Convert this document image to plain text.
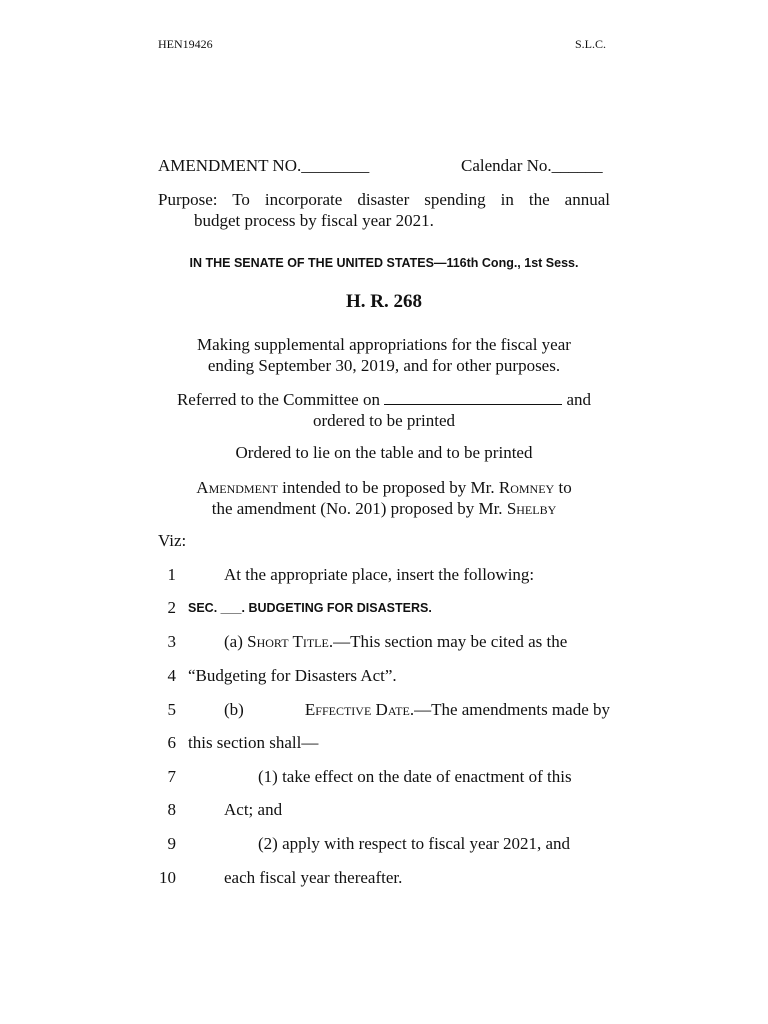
HEN19426	S.L.C.
AMENDMENT NO.________	Calendar No.______

Purpose: To incorporate disaster spending in the annual

budget process by fiscal year 2021.

IN THE SENATE OF THE UNITED STATES—116th Cong., 1st Sess.
H. R. 268
Making supplemental appropriations for the fiscal year
ending September 30, 2019, and for other purposes.
Referred to the Committee on	and
ordered to be printed
Ordered to lie on the table and to be printed
Amendment intended to be proposed by Mr. Romney to
the amendment (No. 201) proposed by Mr. Shelby
Viz:
1
2
3
4
5
6
7
8
9
10
At the appropriate place, insert the following:
SEC. ___. BUDGETING FOR DISASTERS.
(a) Short Title.—This section may be cited as the
“Budgeting for Disasters Act”.
(b)	Effective Date.—The amendments made by
this section shall—
(1) take effect on the date of enactment of this
Act; and
(2) apply with respect to fiscal year 2021, and
each fiscal year thereafter.
